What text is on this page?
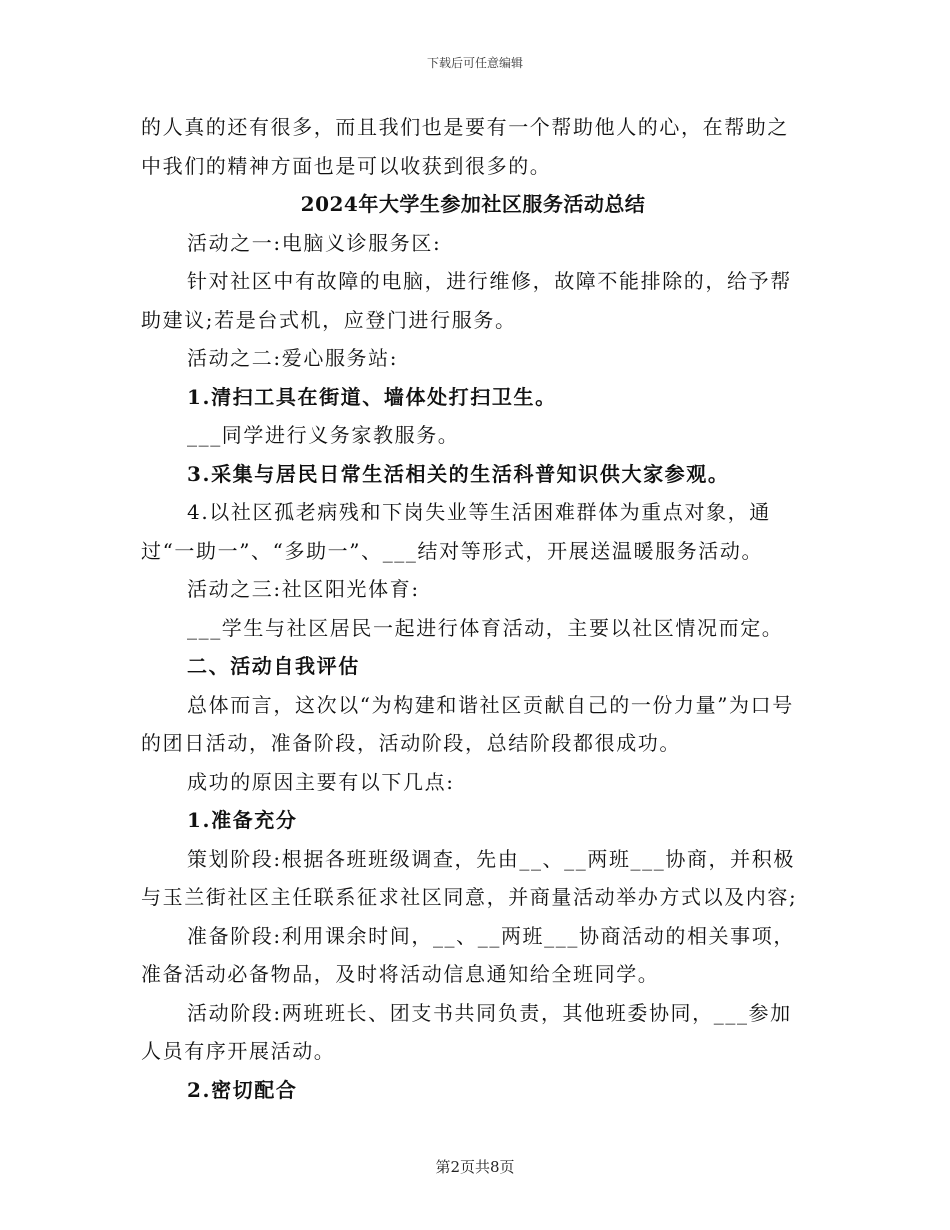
下载后可任意编辑

的人真的还有很多，而且我们也是要有一个帮助他人的心，在帮助之中我们的精神方面也是可以收获到很多的。

2024年大学生参加社区服务活动总结

活动之一:电脑义诊服务区:

针对社区中有故障的电脑，进行维修，故障不能排除的，给予帮助建议;若是台式机，应登门进行服务。

活动之二:爱心服务站:

1.清扫工具在街道、墙体处打扫卫生。

___同学进行义务家教服务。

3.采集与居民日常生活相关的生活科普知识供大家参观。

4.以社区孤老病残和下岗失业等生活困难群体为重点对象，通过“一助一”、“多助一”、___结对等形式，开展送温暖服务活动。

活动之三:社区阳光体育:

___学生与社区居民一起进行体育活动，主要以社区情况而定。

二、活动自我评估

总体而言，这次以“为构建和谐社区贡献自己的一份力量”为口号的团日活动，准备阶段，活动阶段，总结阶段都很成功。

成功的原因主要有以下几点:

1.准备充分

策划阶段:根据各班班级调查，先由__、__两班___协商，并积极与玉兰街社区主任联系征求社区同意，并商量活动举办方式以及内容;

准备阶段:利用课余时间，__、__两班___协商活动的相关事项，准备活动必备物品，及时将活动信息通知给全班同学。

活动阶段:两班班长、团支书共同负责，其他班委协同，___参加人员有序开展活动。

2.密切配合

第2页共8页
